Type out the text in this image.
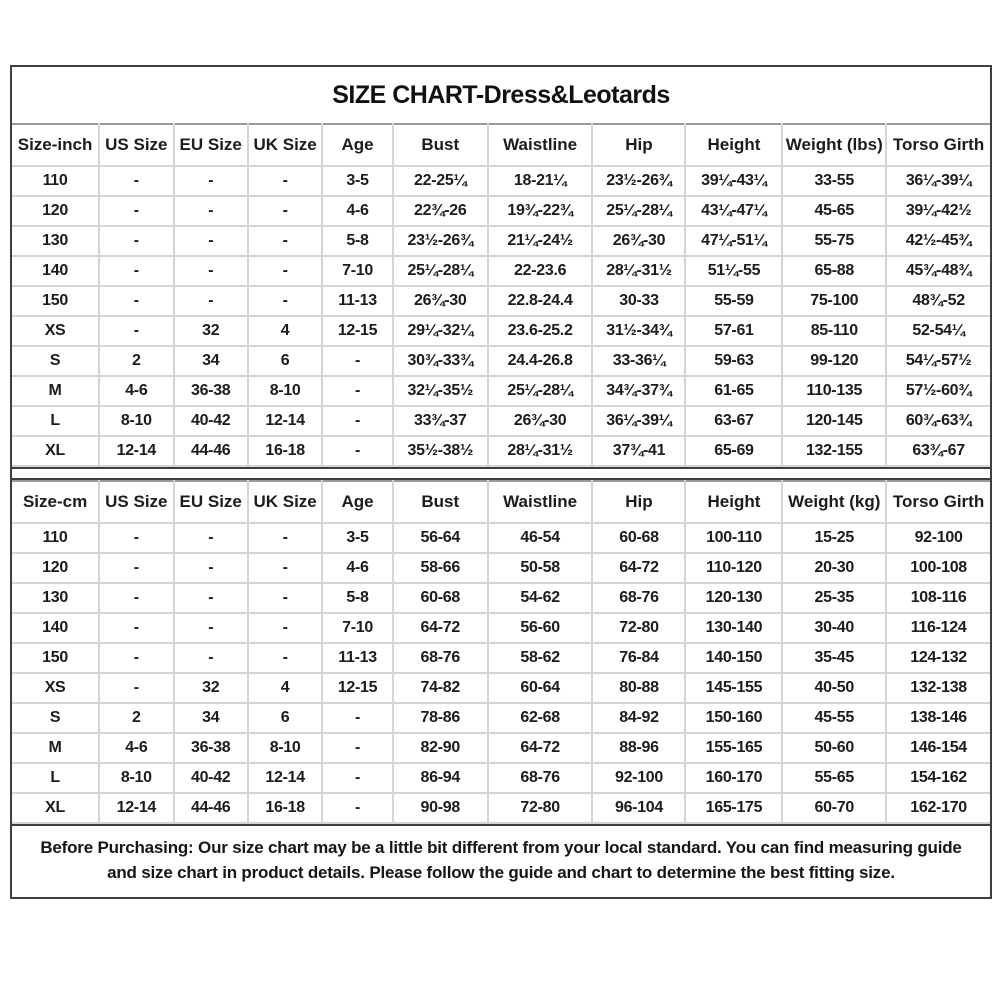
SIZE CHART-Dress&Leotards
Size-inch	US Size	EU Size	UK Size	Age	Bust	Waistline	Hip	Height	Weight (lbs)	Torso Girth
110	-	-	-	3-5	22-25¼	18-21¼	23½-26¾	39¼-43¼	33-55	36¼-39¼
120	-	-	-	4-6	22¾-26	19¾-22¾	25¼-28¼	43¼-47¼	45-65	39¼-42½
130	-	-	-	5-8	23½-26¾	21¼-24½	26¾-30	47¼-51¼	55-75	42½-45¾
140	-	-	-	7-10	25¼-28¼	22-23.6	28¼-31½	51¼-55	65-88	45¾-48¾
150	-	-	-	11-13	26¾-30	22.8-24.4	30-33	55-59	75-100	48¾-52
XS	-	32	4	12-15	29¼-32¼	23.6-25.2	31½-34¾	57-61	85-110	52-54¼
S	2	34	6	-	30¾-33¾	24.4-26.8	33-36¼	59-63	99-120	54¼-57½
M	4-6	36-38	8-10	-	32¼-35½	25¼-28¼	34¾-37¾	61-65	110-135	57½-60¾
L	8-10	40-42	12-14	-	33¾-37	26¾-30	36¼-39¼	63-67	120-145	60¾-63¾
XL	12-14	44-46	16-18	-	35½-38½	28¼-31½	37¾-41	65-69	132-155	63¾-67
Size-cm	US Size	EU Size	UK Size	Age	Bust	Waistline	Hip	Height	Weight (kg)	Torso Girth
110	-	-	-	3-5	56-64	46-54	60-68	100-110	15-25	92-100
120	-	-	-	4-6	58-66	50-58	64-72	110-120	20-30	100-108
130	-	-	-	5-8	60-68	54-62	68-76	120-130	25-35	108-116
140	-	-	-	7-10	64-72	56-60	72-80	130-140	30-40	116-124
150	-	-	-	11-13	68-76	58-62	76-84	140-150	35-45	124-132
XS	-	32	4	12-15	74-82	60-64	80-88	145-155	40-50	132-138
S	2	34	6	-	78-86	62-68	84-92	150-160	45-55	138-146
M	4-6	36-38	8-10	-	82-90	64-72	88-96	155-165	50-60	146-154
L	8-10	40-42	12-14	-	86-94	68-76	92-100	160-170	55-65	154-162
XL	12-14	44-46	16-18	-	90-98	72-80	96-104	165-175	60-70	162-170
Before Purchasing: Our size chart may be a little bit different from your local standard. You can find measuring guide and size chart in product details. Please follow the guide and chart to determine the best fitting size.
